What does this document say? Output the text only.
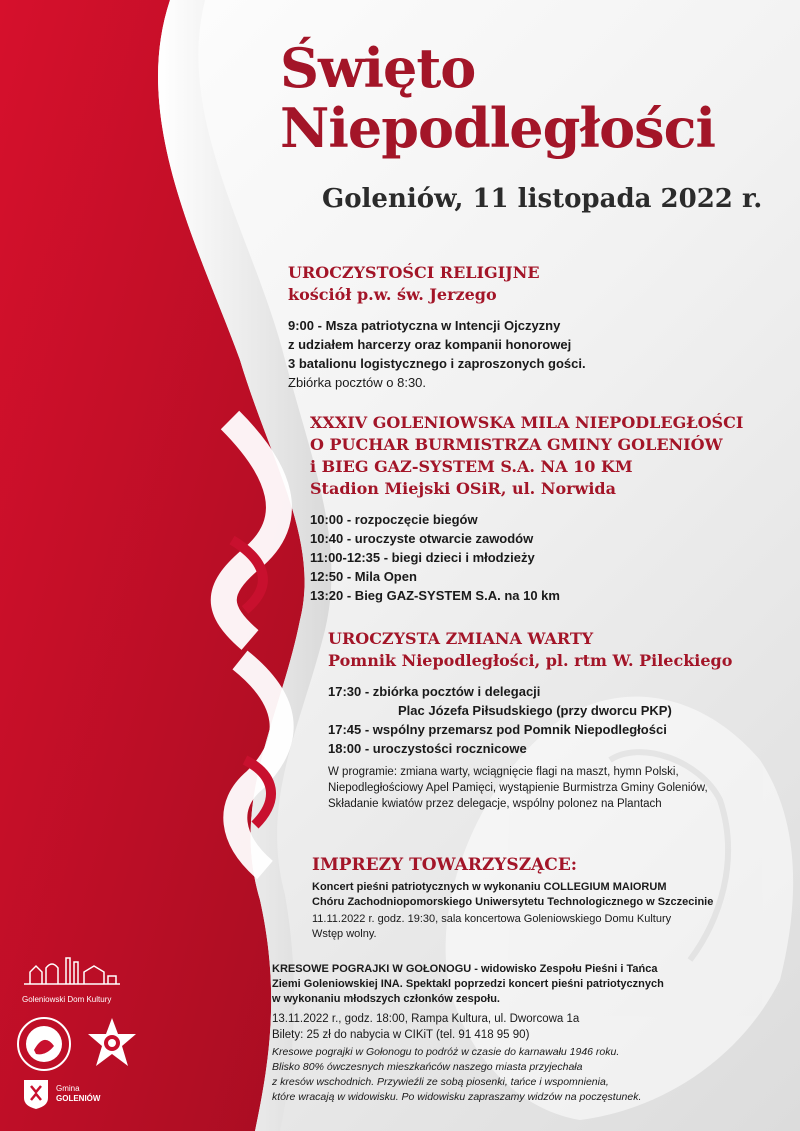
Święto
Niepodległości

Goleniów, 11 listopada 2022 r.

UROCZYSTOŚCI RELIGIJNE

kościół p.w. św. Jerzego

9:00 - Msza patriotyczna w Intencji Ojczyzny

z udziałem harcerzy oraz kompanii honorowej

3 batalionu logistycznego i zaproszonych gości.

Zbiórka pocztów o 8:30.

XXXIV GOLENIOWSKA MILA NIEPODLEGŁOŚCI

O PUCHAR BURMISTRZA GMINY GOLENIÓW

i BIEG GAZ-SYSTEM S.A. NA 10 KM

Stadion Miejski OSiR, ul. Norwida

10:00 - rozpoczęcie biegów

10:40 - uroczyste otwarcie zawodów

11:00-12:35 - biegi dzieci i młodzieży

12:50 - Mila Open

13:20 - Bieg GAZ-SYSTEM S.A. na 10 km

UROCZYSTA ZMIANA WARTY

Pomnik Niepodległości, pl. rtm W. Pileckiego

17:30 - zbiórka pocztów i delegacji

Plac Józefa Piłsudskiego (przy dworcu PKP)

17:45 - wspólny przemarsz pod Pomnik Niepodległości

18:00 - uroczystości rocznicowe

W programie: zmiana warty, wciągnięcie flagi na maszt, hymn Polski,

Niepodległościowy Apel Pamięci, wystąpienie Burmistrza Gminy Goleniów,

Składanie kwiatów przez delegacje, wspólny polonez na Plantach

IMPREZY TOWARZYSZĄCE:

Koncert pieśni patriotycznych w wykonaniu COLLEGIUM MAIORUM

Chóru Zachodniopomorskiego Uniwersytetu Technologicznego w Szczecinie

11.11.2022 r. godz. 19:30, sala koncertowa Goleniowskiego Domu Kultury

Wstęp wolny.

KRESOWE POGRAJKI W GOŁONOGU - widowisko Zespołu Pieśni i Tańca

Ziemi Goleniowskiej INA. Spektakl poprzedzi koncert pieśni patriotycznych

w wykonaniu młodszych członków zespołu.

13.11.2022 r., godz. 18:00, Rampa Kultura, ul. Dworcowa 1a

Bilety: 25 zł do nabycia w CIKiT (tel. 91 418 95 90)

Kresowe pograjki w Gołonogu to podróż w czasie do karnawału 1946 roku.

Blisko 80% ówczesnych mieszkańców naszego miasta przyjechała

z kresów wschodnich. Przywieźli ze sobą piosenki, tańce i wspomnienia,

które wracają w widowisku. Po widowisku zapraszamy widzów na poczęstunek.

Goleniowski Dom Kultury
Gmina
GOLENIÓW
